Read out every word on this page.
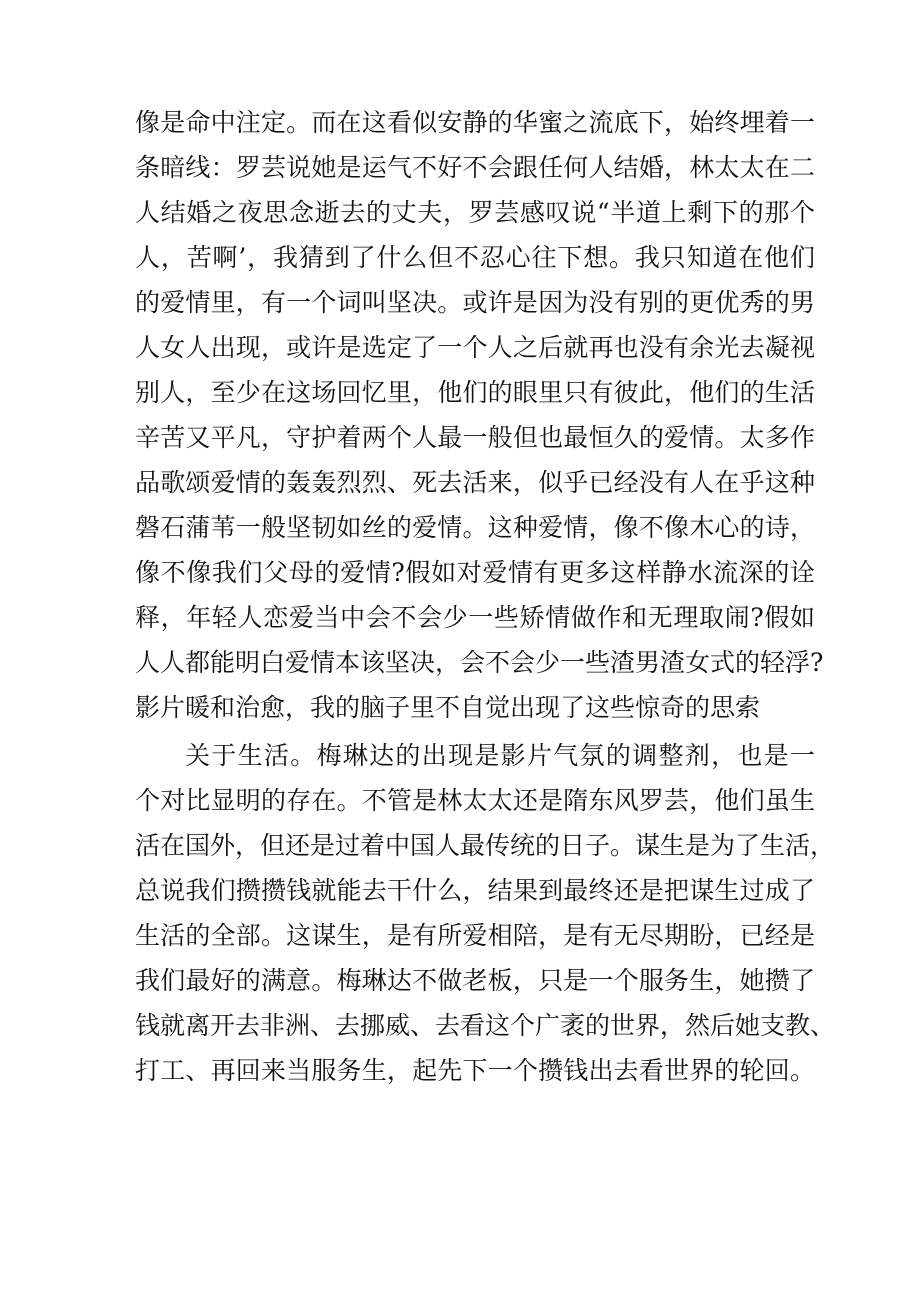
像是命中注定。而在这看似安静的华蜜之流底下，始终埋着一
条暗线：罗芸说她是运气不好不会跟任何人结婚，林太太在二
人结婚之夜思念逝去的丈夫，罗芸感叹说“半道上剩下的那个
人，苦啊’，我猜到了什么但不忍心往下想。我只知道在他们
的爱情里，有一个词叫坚决。或许是因为没有别的更优秀的男
人女人出现，或许是选定了一个人之后就再也没有余光去凝视
别人，至少在这场回忆里，他们的眼里只有彼此，他们的生活
辛苦又平凡，守护着两个人最一般但也最恒久的爱情。太多作
品歌颂爱情的轰轰烈烈、死去活来，似乎已经没有人在乎这种
磐石蒲苇一般坚韧如丝的爱情。这种爱情，像不像木心的诗，
像不像我们父母的爱情?假如对爱情有更多这样静水流深的诠
释，年轻人恋爱当中会不会少一些矫情做作和无理取闹?假如
人人都能明白爱情本该坚决，会不会少一些渣男渣女式的轻浮?
影片暖和治愈，我的脑子里不自觉出现了这些惊奇的思索
关于生活。梅琳达的出现是影片气氛的调整剂，也是一
个对比显明的存在。不管是林太太还是隋东风罗芸，他们虽生
活在国外，但还是过着中国人最传统的日子。谋生是为了生活，
总说我们攒攒钱就能去干什么，结果到最终还是把谋生过成了
生活的全部。这谋生，是有所爱相陪，是有无尽期盼，已经是
我们最好的满意。梅琳达不做老板，只是一个服务生，她攒了
钱就离开去非洲、去挪威、去看这个广袤的世界，然后她支教、
打工、再回来当服务生，起先下一个攒钱出去看世界的轮回。
